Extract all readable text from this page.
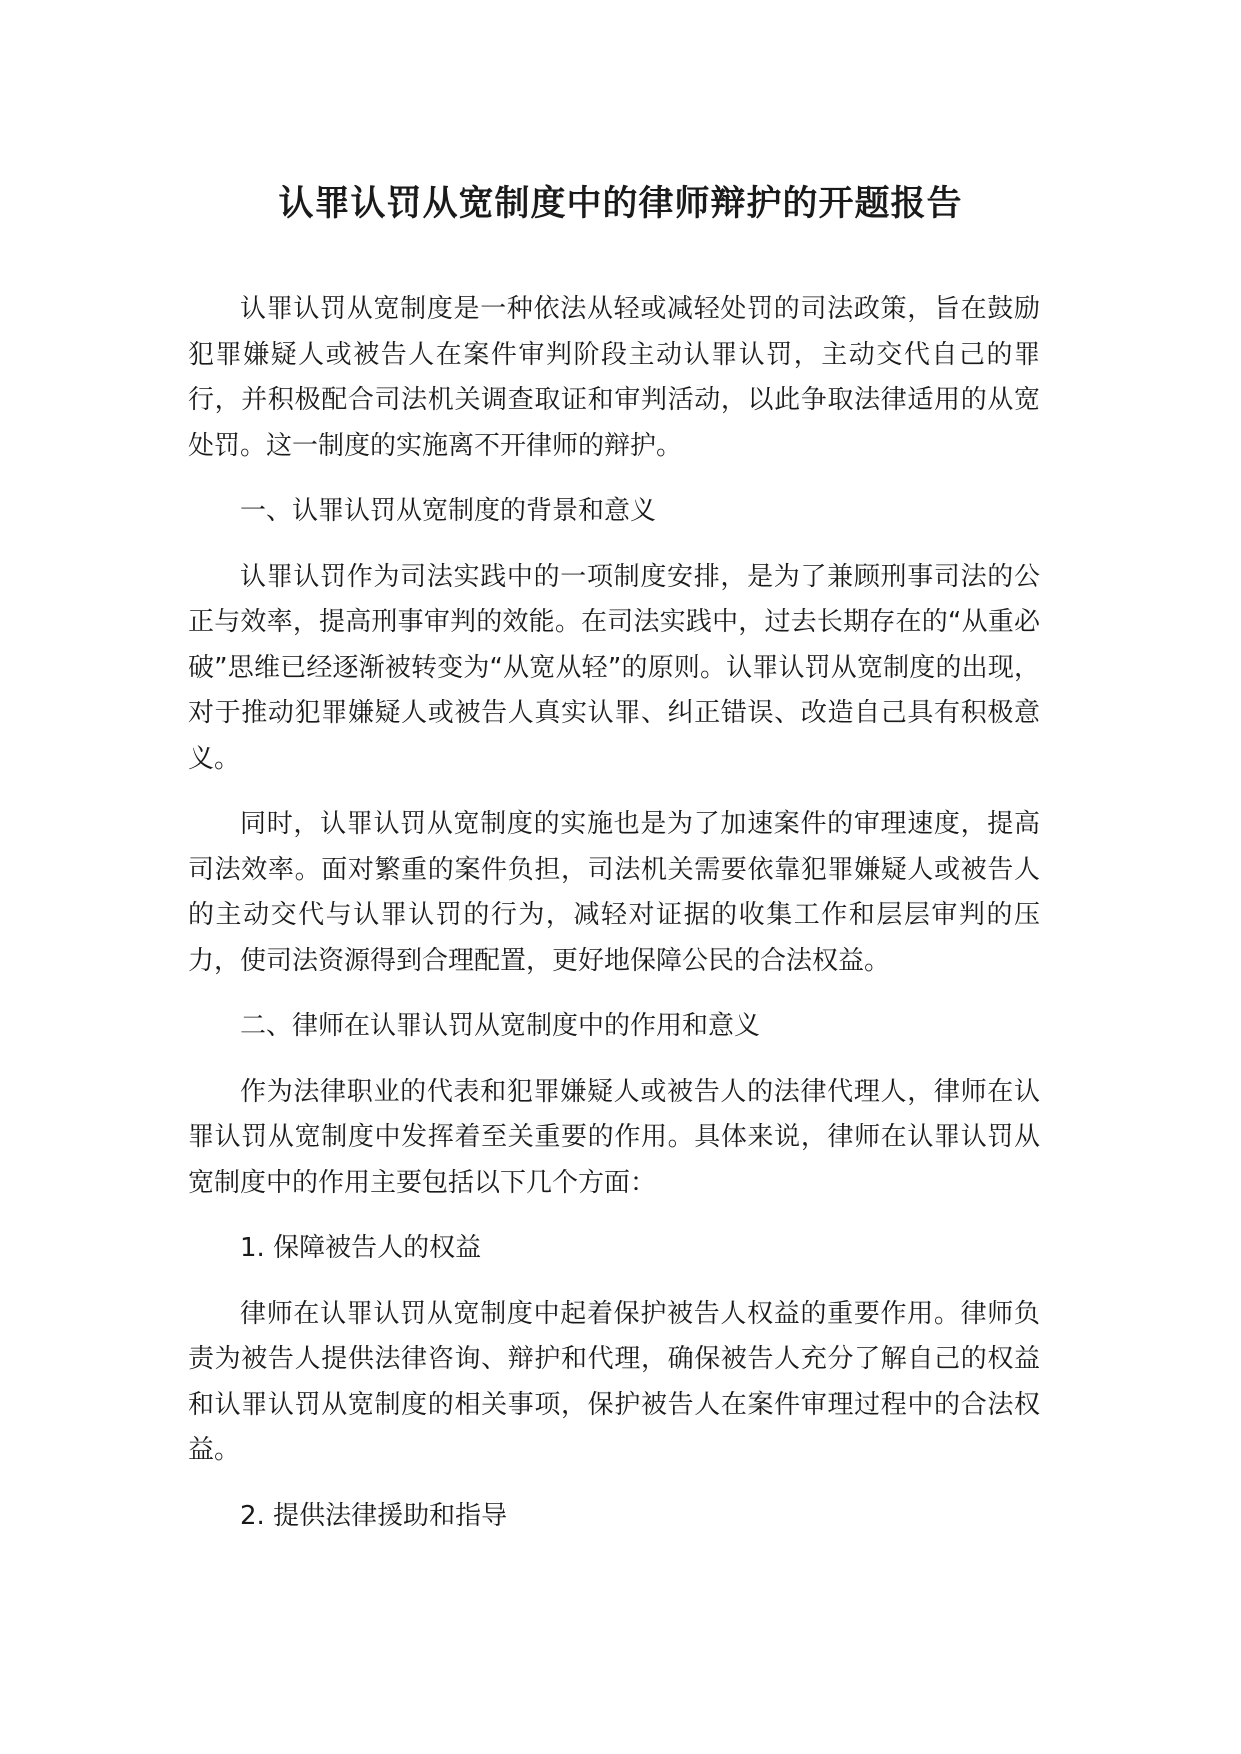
认罪认罚从宽制度中的律师辩护的开题报告

认罪认罚从宽制度是一种依法从轻或减轻处罚的司法政策，旨在鼓励犯罪嫌疑人或被告人在案件审判阶段主动认罪认罚，主动交代自己的罪行，并积极配合司法机关调查取证和审判活动，以此争取法律适用的从宽处罚。这一制度的实施离不开律师的辩护。

一、认罪认罚从宽制度的背景和意义

认罪认罚作为司法实践中的一项制度安排，是为了兼顾刑事司法的公正与效率，提高刑事审判的效能。在司法实践中，过去长期存在的“从重必破”思维已经逐渐被转变为“从宽从轻”的原则。认罪认罚从宽制度的出现，对于推动犯罪嫌疑人或被告人真实认罪、纠正错误、改造自己具有积极意义。

同时，认罪认罚从宽制度的实施也是为了加速案件的审理速度，提高司法效率。面对繁重的案件负担，司法机关需要依靠犯罪嫌疑人或被告人的主动交代与认罪认罚的行为，减轻对证据的收集工作和层层审判的压力，使司法资源得到合理配置，更好地保障公民的合法权益。

二、律师在认罪认罚从宽制度中的作用和意义

作为法律职业的代表和犯罪嫌疑人或被告人的法律代理人，律师在认罪认罚从宽制度中发挥着至关重要的作用。具体来说，律师在认罪认罚从宽制度中的作用主要包括以下几个方面：

1. 保障被告人的权益

律师在认罪认罚从宽制度中起着保护被告人权益的重要作用。律师负责为被告人提供法律咨询、辩护和代理，确保被告人充分了解自己的权益和认罪认罚从宽制度的相关事项，保护被告人在案件审理过程中的合法权益。

2. 提供法律援助和指导
